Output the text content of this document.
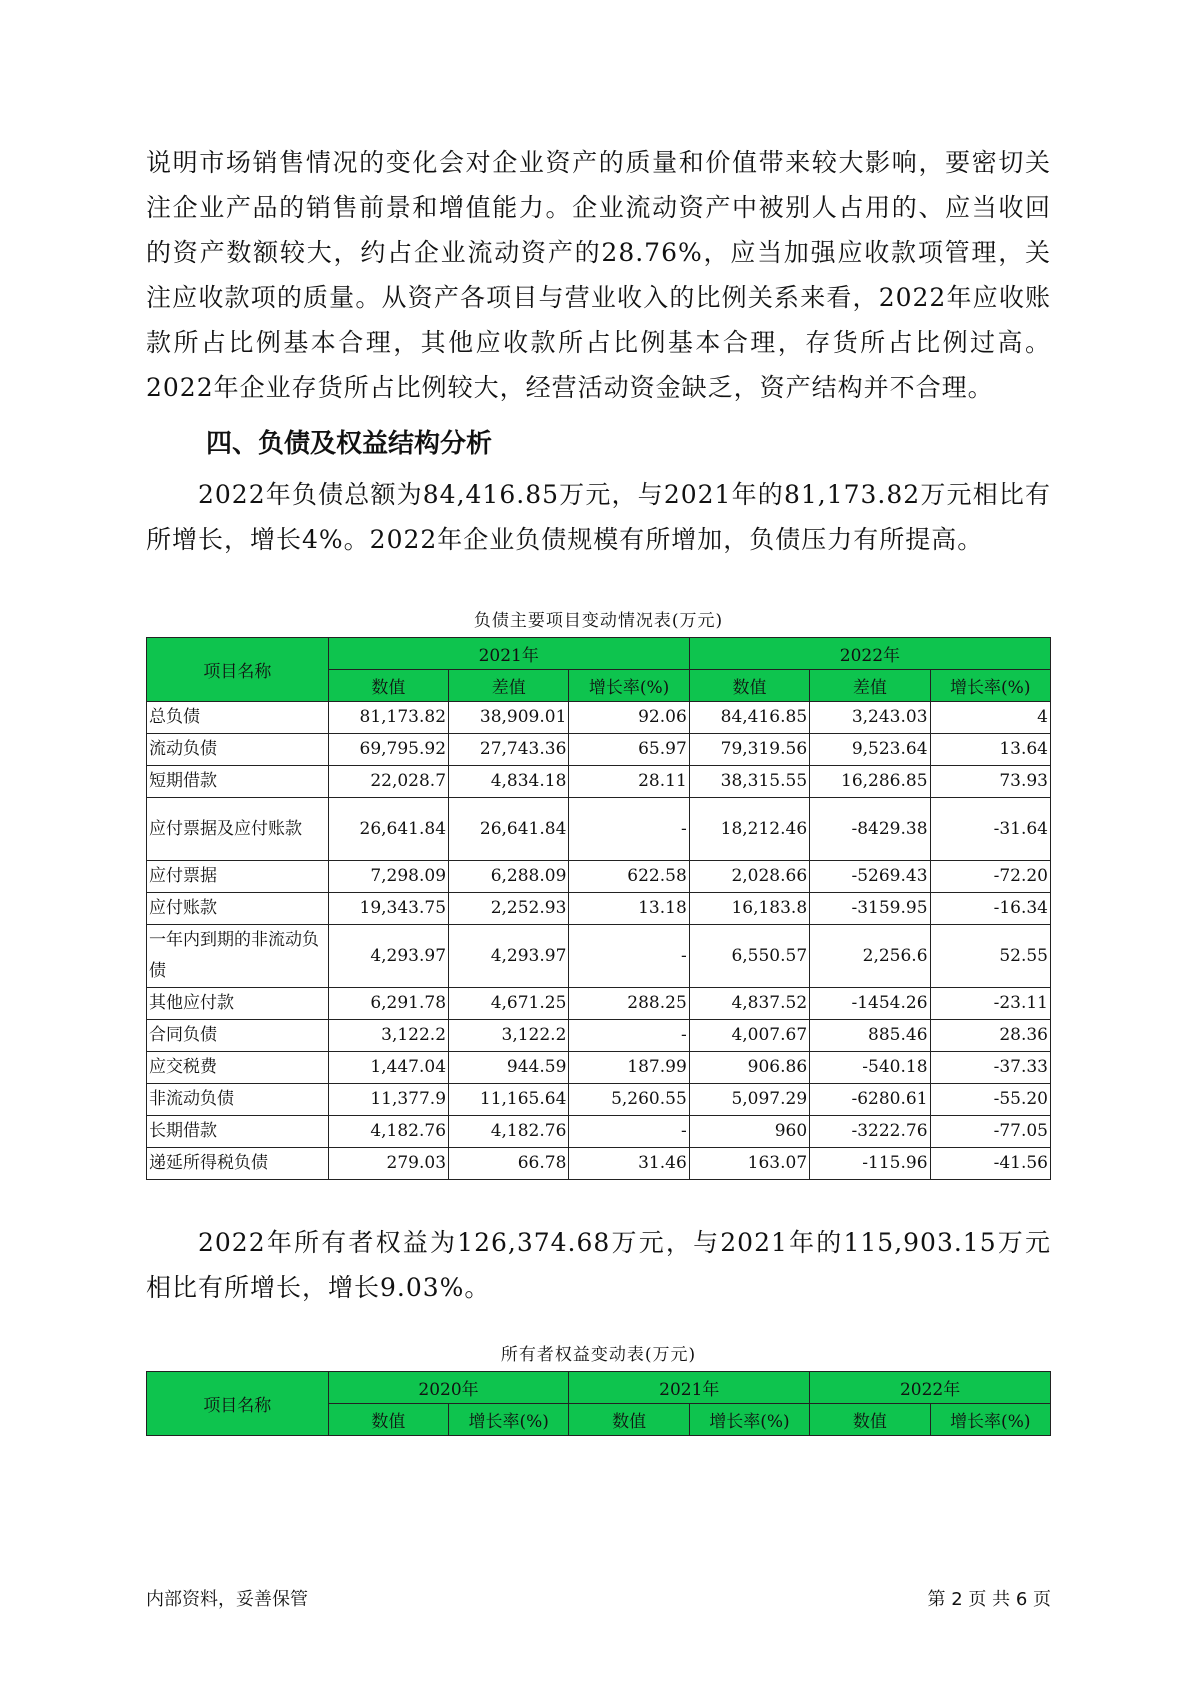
说明市场销售情况的变化会对企业资产的质量和价值带来较大影响，要密切关注企业产品的销售前景和增值能力。企业流动资产中被别人占用的、应当收回的资产数额较大，约占企业流动资产的28.76%，应当加强应收款项管理，关注应收款项的质量。从资产各项目与营业收入的比例关系来看，2022年应收账款所占比例基本合理，其他应收款所占比例基本合理，存货所占比例过高。2022年企业存货所占比例较大，经营活动资金缺乏，资产结构并不合理。

四、负债及权益结构分析

2022年负债总额为84,416.85万元，与2021年的81,173.82万元相比有所增长，增长4%。2022年企业负债规模有所增加，负债压力有所提高。

负债主要项目变动情况表(万元)

项目名称	2021年			2022年		
	数值	差值	增长率(%)	数值	差值	增长率(%)
总负债	81,173.82	38,909.01	92.06	84,416.85	3,243.03	4
流动负债	69,795.92	27,743.36	65.97	79,319.56	9,523.64	13.64
短期借款	22,028.7	4,834.18	28.11	38,315.55	16,286.85	73.93
应付票据及应付账款	26,641.84	26,641.84	-	18,212.46	-8429.38	-31.64
应付票据	7,298.09	6,288.09	622.58	2,028.66	-5269.43	-72.20
应付账款	19,343.75	2,252.93	13.18	16,183.8	-3159.95	-16.34
一年内到期的非流动负债	4,293.97	4,293.97	-	6,550.57	2,256.6	52.55
其他应付款	6,291.78	4,671.25	288.25	4,837.52	-1454.26	-23.11
合同负债	3,122.2	3,122.2	-	4,007.67	885.46	28.36
应交税费	1,447.04	944.59	187.99	906.86	-540.18	-37.33
非流动负债	11,377.9	11,165.64	5,260.55	5,097.29	-6280.61	-55.20
长期借款	4,182.76	4,182.76	-	960	-3222.76	-77.05
递延所得税负债	279.03	66.78	31.46	163.07	-115.96	-41.56

2022年所有者权益为126,374.68万元，与2021年的115,903.15万元相比有所增长，增长9.03%。

所有者权益变动表(万元)

项目名称	2020年		2021年		2022年	
	数值	增长率(%)	数值	增长率(%)	数值	增长率(%)
内部资料，妥善保管	第 2 页 共 6 页
